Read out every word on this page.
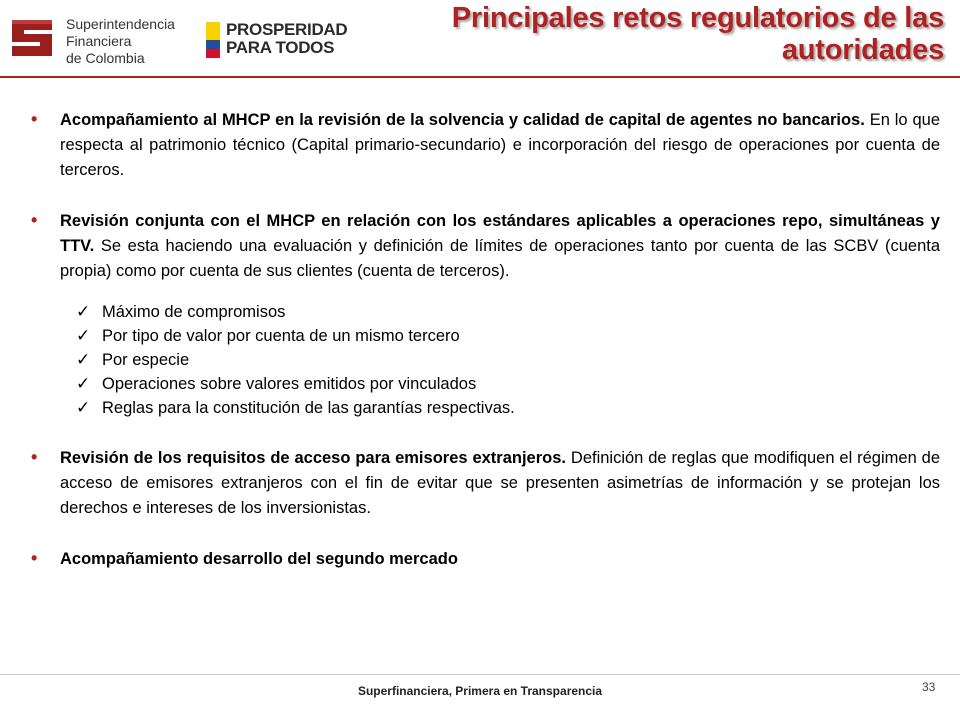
Superintendencia
Financiera
de Colombia
PROSPERIDAD
PARA TODOS
Principales retos regulatorios de las
autoridades
• Acompañamiento al MHCP en la revisión de la solvencia y calidad de capital de agentes no bancarios. En lo que respecta al patrimonio técnico (Capital primario-secundario) e incorporación del riesgo de operaciones por cuenta de terceros.
• Revisión conjunta con el MHCP en relación con los estándares aplicables a operaciones repo, simultáneas y TTV. Se esta haciendo una evaluación y definición de límites de operaciones tanto por cuenta de las SCBV (cuenta propia) como por cuenta de sus clientes (cuenta de terceros).
✓ Máximo de compromisos
✓ Por tipo de valor por cuenta de un mismo tercero
✓ Por especie
✓ Operaciones sobre valores emitidos por vinculados
✓ Reglas para la constitución de las garantías respectivas.
• Revisión de los requisitos de acceso para emisores extranjeros. Definición de reglas que modifiquen el régimen de acceso de emisores extranjeros con el fin de evitar que se presenten asimetrías de información y se protejan los derechos e intereses de los inversionistas.
• Acompañamiento desarrollo del segundo mercado
Superfinanciera, Primera en Transparencia	33
